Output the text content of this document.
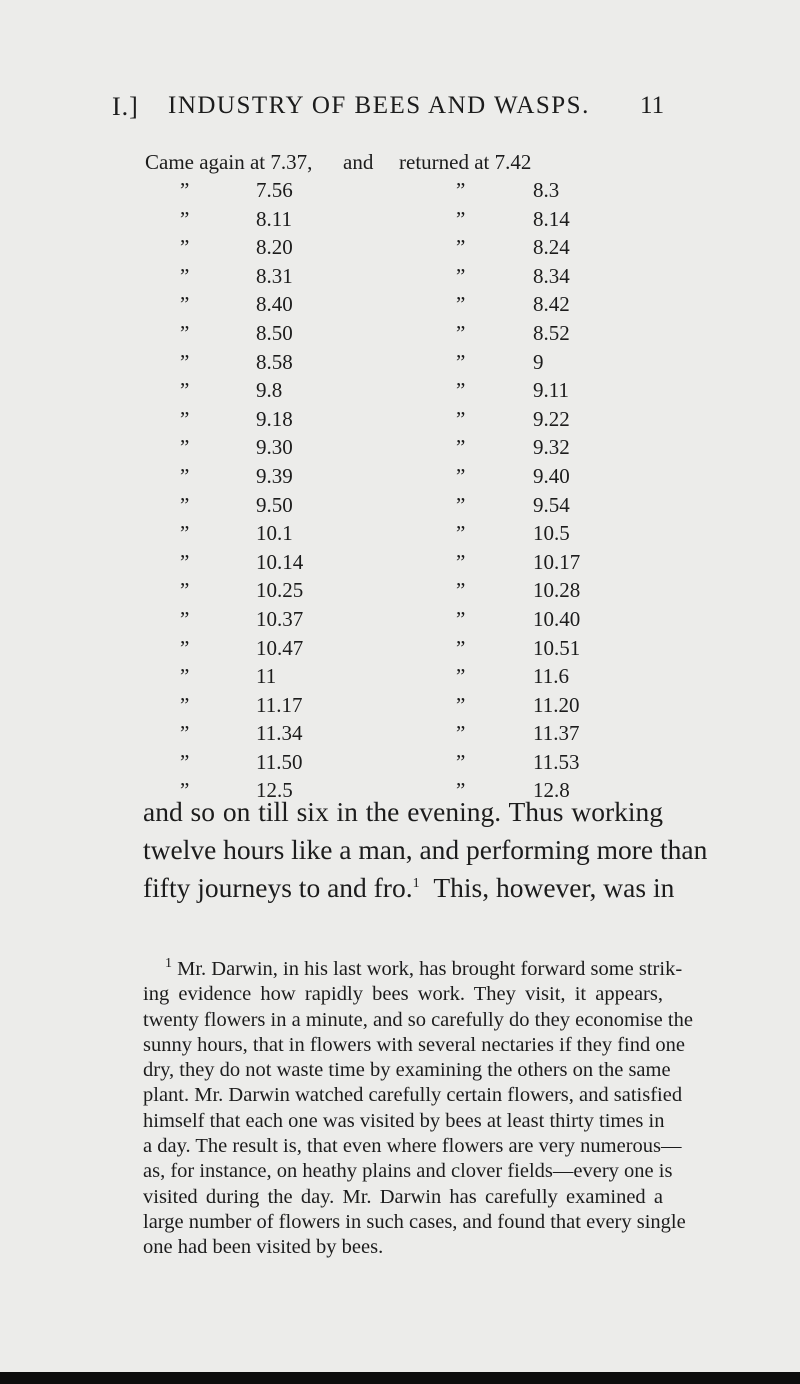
I.] INDUSTRY OF BEES AND WASPS. 11
Came again at 7.37, and returned at 7.42
”	7.56	”	8.3
”	8.11	”	8.14
”	8.20	”	8.24
”	8.31	”	8.34
”	8.40	”	8.42
”	8.50	”	8.52
”	8.58	”	9
”	9.8	”	9.11
”	9.18	”	9.22
”	9.30	”	9.32
”	9.39	”	9.40
”	9.50	”	9.54
”	10.1	”	10.5
”	10.14	”	10.17
”	10.25	”	10.28
”	10.37	”	10.40
”	10.47	”	10.51
”	11	”	11.6
”	11.17	”	11.20
”	11.34	”	11.37
”	11.50	”	11.53
”	12.5	”	12.8
and so on till six in the evening. Thus working
twelve hours like a man, and performing more than
fifty journeys to and fro.$^1$ This, however, was in
$^1$ Mr. Darwin, in his last work, has brought forward some strik-
ing evidence how rapidly bees work. They visit, it appears,
twenty flowers in a minute, and so carefully do they economise the
sunny hours, that in flowers with several nectaries if they find one
dry, they do not waste time by examining the others on the same
plant. Mr. Darwin watched carefully certain flowers, and satisfied
himself that each one was visited by bees at least thirty times in
a day. The result is, that even where flowers are very numerous—
as, for instance, on heathy plains and clover fields—every one is
visited during the day. Mr. Darwin has carefully examined a
large number of flowers in such cases, and found that every single
one had been visited by bees.
